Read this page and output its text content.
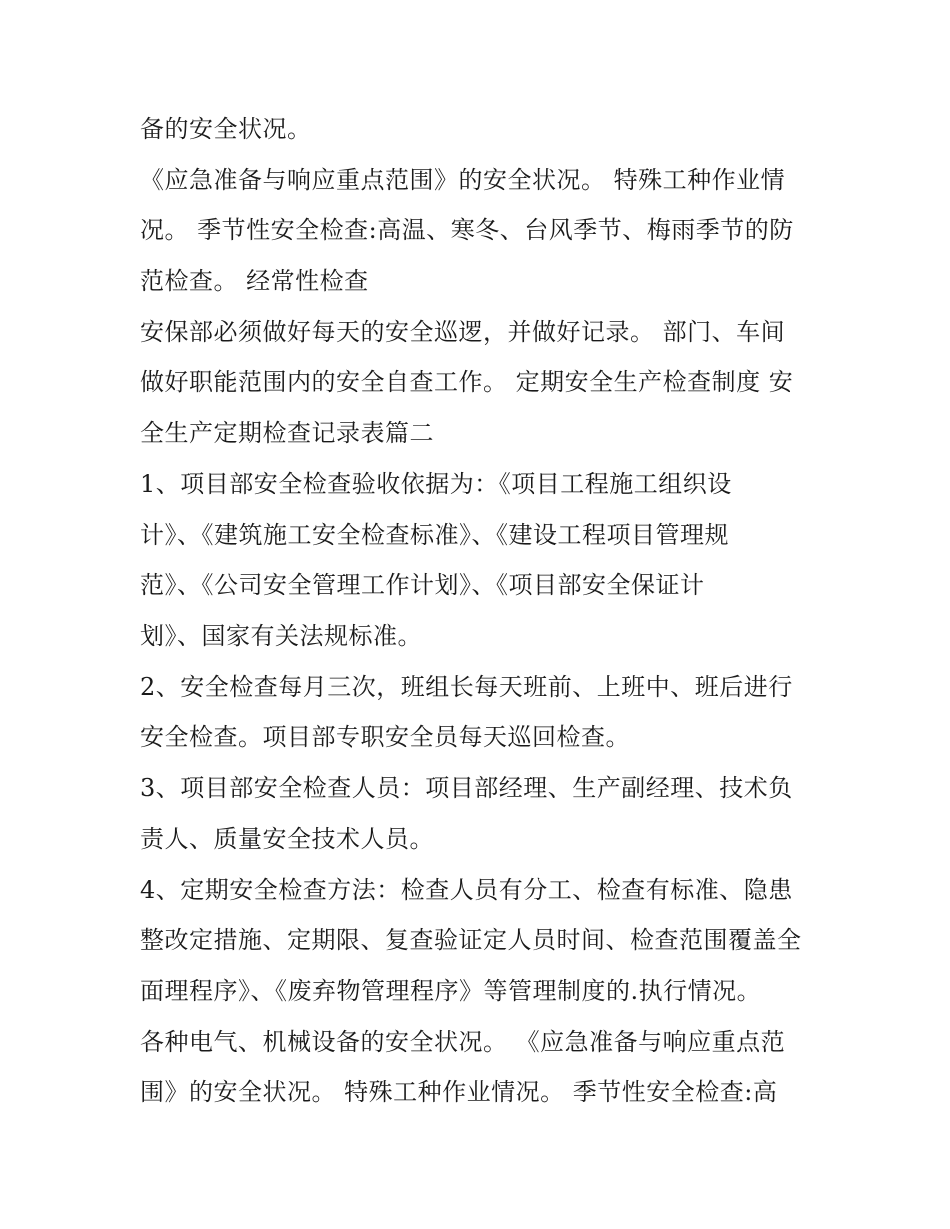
备的安全状况。
《应急准备与响应重点范围》的安全状况。 特殊工种作业情
况。 季节性安全检查:高温、寒冬、台风季节、梅雨季节的防
范检查。 经常性检查
安保部必须做好每天的安全巡逻，并做好记录。 部门、车间
做好职能范围内的安全自查工作。 定期安全生产检查制度 安
全生产定期检查记录表篇二
1、项目部安全检查验收依据为：《项目工程施工组织设
计》、《建筑施工安全检查标准》、《建设工程项目管理规
范》、《公司安全管理工作计划》、《项目部安全保证计
划》、国家有关法规标准。
2、安全检查每月三次，班组长每天班前、上班中、班后进行
安全检查。项目部专职安全员每天巡回检查。
3、项目部安全检查人员：项目部经理、生产副经理、技术负
责人、质量安全技术人员。
4、定期安全检查方法：检查人员有分工、检查有标准、隐患
整改定措施、定期限、复查验证定人员时间、检查范围覆盖全
面理程序》、《废弃物管理程序》等管理制度的.执行情况。
各种电气、机械设备的安全状况。 《应急准备与响应重点范
围》的安全状况。 特殊工种作业情况。 季节性安全检查:高
